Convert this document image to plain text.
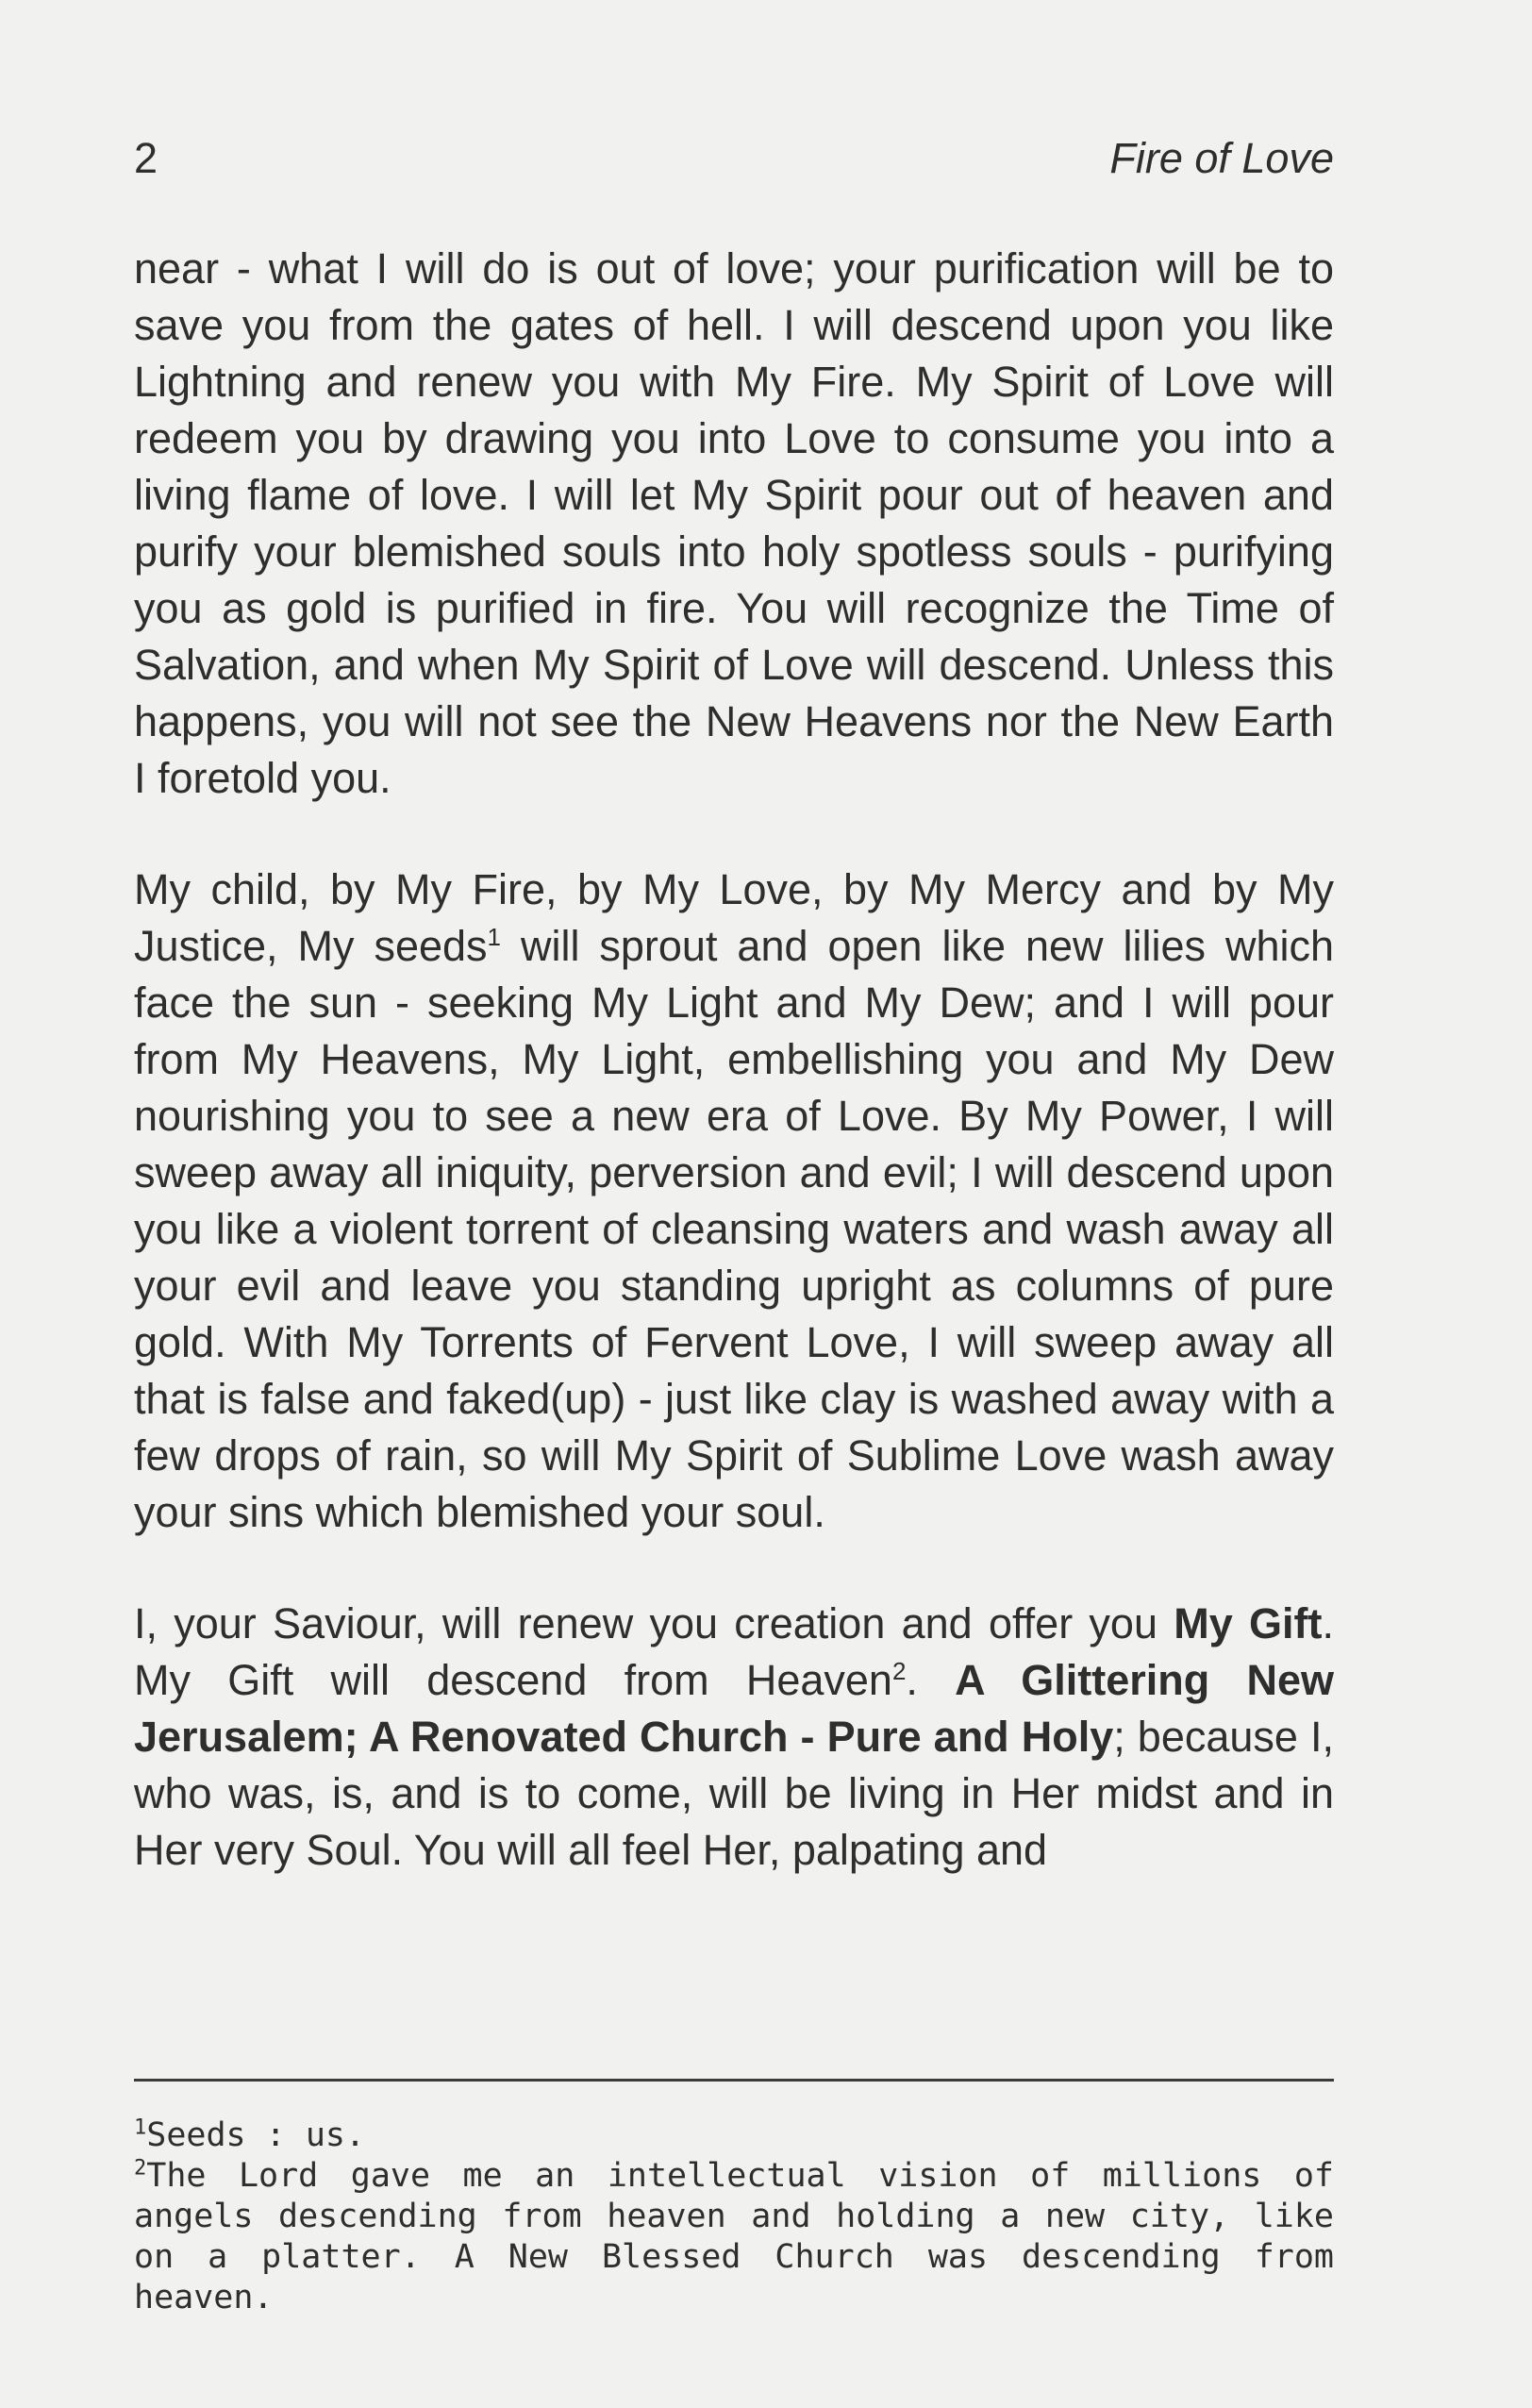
2	Fire of Love

near - what I will do is out of love; your purification will be to save you from the gates of hell. I will descend upon you like Lightning and renew you with My Fire. My Spirit of Love will redeem you by drawing you into Love to consume you into a living flame of love. I will let My Spirit pour out of heaven and purify your blemished souls into holy spotless souls - purifying you as gold is purified in fire. You will recognize the Time of Salvation, and when My Spirit of Love will descend. Unless this happens, you will not see the New Heavens nor the New Earth I foretold you.

My child, by My Fire, by My Love, by My Mercy and by My Justice, My seeds$^1$ will sprout and open like new lilies which face the sun - seeking My Light and My Dew; and I will pour from My Heavens, My Light, embellishing you and My Dew nourishing you to see a new era of Love. By My Power, I will sweep away all iniquity, perversion and evil; I will descend upon you like a violent torrent of cleansing waters and wash away all your evil and leave you standing upright as columns of pure gold. With My Torrents of Fervent Love, I will sweep away all that is false and faked(up) - just like clay is washed away with a few drops of rain, so will My Spirit of Sublime Love wash away your sins which blemished your soul.

I, your Saviour, will renew you creation and offer you My Gift. My Gift will descend from Heaven$^2$. A Glittering New Jerusalem; A Renovated Church - Pure and Holy; because I, who was, is, and is to come, will be living in Her midst and in Her very Soul. You will all feel Her, palpating and

$^1$Seeds : us.

$^2$The Lord gave me an intellectual vision of millions of angels descending from heaven and holding a new city, like on a platter. A New Blessed Church was descending from heaven.
